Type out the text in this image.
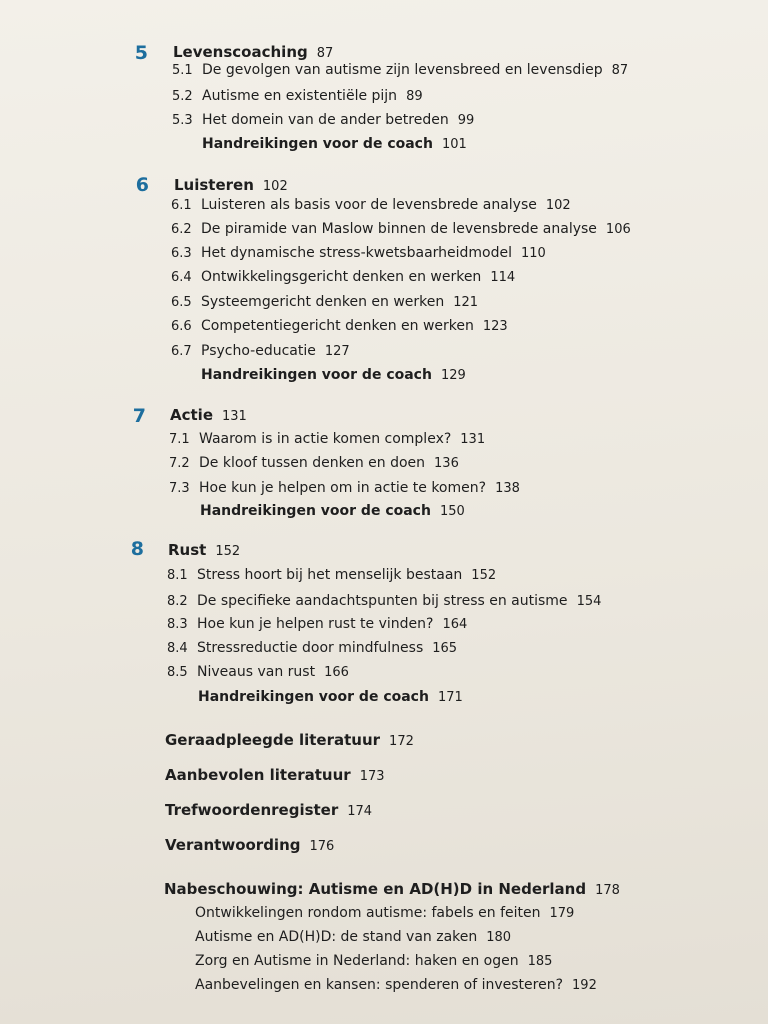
5 Levenscoaching 87
5.1 De gevolgen van autisme zijn levensbreed en levensdiep 87
5.2 Autisme en existentiële pijn 89
5.3 Het domein van de ander betreden 99
Handreikingen voor de coach 101
6 Luisteren 102
6.1 Luisteren als basis voor de levensbrede analyse 102
6.2 De piramide van Maslow binnen de levensbrede analyse 106
6.3 Het dynamische stress-kwetsbaarheidmodel 110
6.4 Ontwikkelingsgericht denken en werken 114
6.5 Systeemgericht denken en werken 121
6.6 Competentiegericht denken en werken 123
6.7 Psycho-educatie 127
Handreikingen voor de coach 129
7 Actie 131
7.1 Waarom is in actie komen complex? 131
7.2 De kloof tussen denken en doen 136
7.3 Hoe kun je helpen om in actie te komen? 138
Handreikingen voor de coach 150
8 Rust 152
8.1 Stress hoort bij het menselijk bestaan 152
8.2 De specifieke aandachtspunten bij stress en autisme 154
8.3 Hoe kun je helpen rust te vinden? 164
8.4 Stressreductie door mindfulness 165
8.5 Niveaus van rust 166
Handreikingen voor de coach 171
Geraadpleegde literatuur 172
Aanbevolen literatuur 173
Trefwoordenregister 174
Verantwoording 176
Nabeschouwing: Autisme en AD(H)D in Nederland 178
Ontwikkelingen rondom autisme: fabels en feiten 179
Autisme en AD(H)D: de stand van zaken 180
Zorg en Autisme in Nederland: haken en ogen 185
Aanbevelingen en kansen: spenderen of investeren? 192
